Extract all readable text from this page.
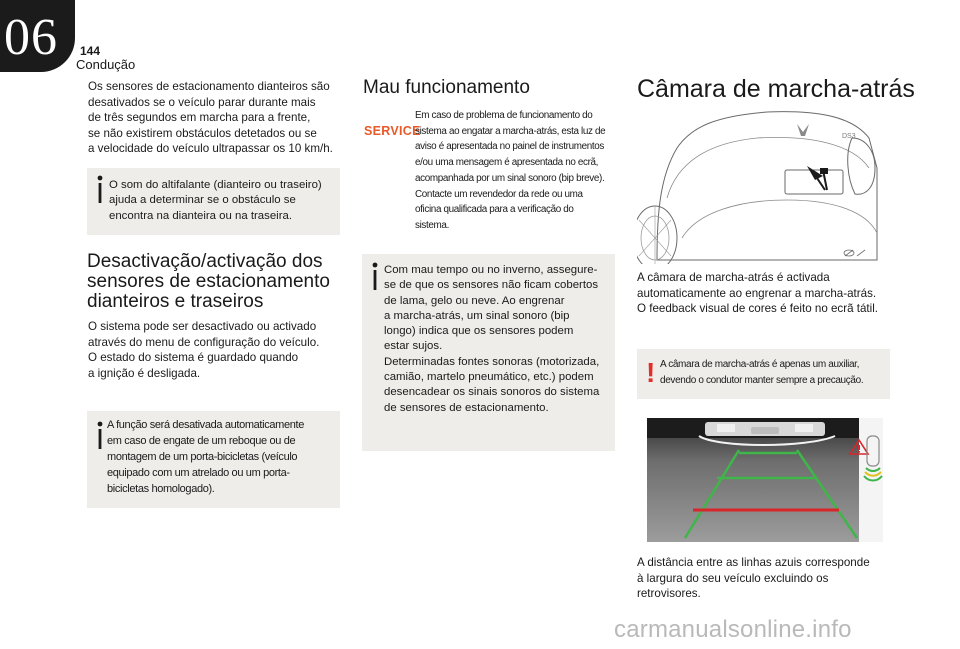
06 144
Condução

Os sensores de estacionamento dianteiros são
desativados se o veículo parar durante mais
de três segundos em marcha para a frente,
se não existirem obstáculos detetados ou se
a velocidade do veículo ultrapassar os 10 km/h.

O som do altifalante (dianteiro ou traseiro)
ajuda a determinar se o obstáculo se
encontra na dianteira ou na traseira.
Desactivação/activação dos
sensores de estacionamento
dianteiros e traseiros

O sistema pode ser desactivado ou activado
através do menu de configuração do veículo.
O estado do sistema é guardado quando
a ignição é desligada.

A função será desativada automaticamente
em caso de engate de um reboque ou de
montagem de um porta-bicicletas (veículo
equipado com um atrelado ou um porta-
bicicletas homologado).
Mau funcionamento
SERVICE
Em caso de problema de funcionamento do
sistema ao engatar a marcha-atrás, esta luz de
aviso é apresentada no painel de instrumentos
e/ou uma mensagem é apresentada no ecrã,
acompanhada por um sinal sonoro (bip breve).
Contacte um revendedor da rede ou uma
oficina qualificada para a verificação do
sistema.
Com mau tempo ou no inverno, assegure-
se de que os sensores não ficam cobertos
de lama, gelo ou neve. Ao engrenar
a marcha-atrás, um sinal sonoro (bip
longo) indica que os sensores podem
estar sujos.
Determinadas fontes sonoras (motorizada,
camião, martelo pneumático, etc.) podem
desencadear os sinais sonoros do sistema
de sensores de estacionamento.
Câmara de marcha-atrás
DS3

A câmara de marcha-atrás é activada
automaticamente ao engrenar a marcha-atrás.
O feedback visual de cores é feito no ecrã tátil.

! A câmara de marcha-atrás é apenas um auxiliar,
devendo o condutor manter sempre a precaução.

A distância entre as linhas azuis corresponde
à largura do seu veículo excluindo os
retrovisores.

carmanualsonline.info
